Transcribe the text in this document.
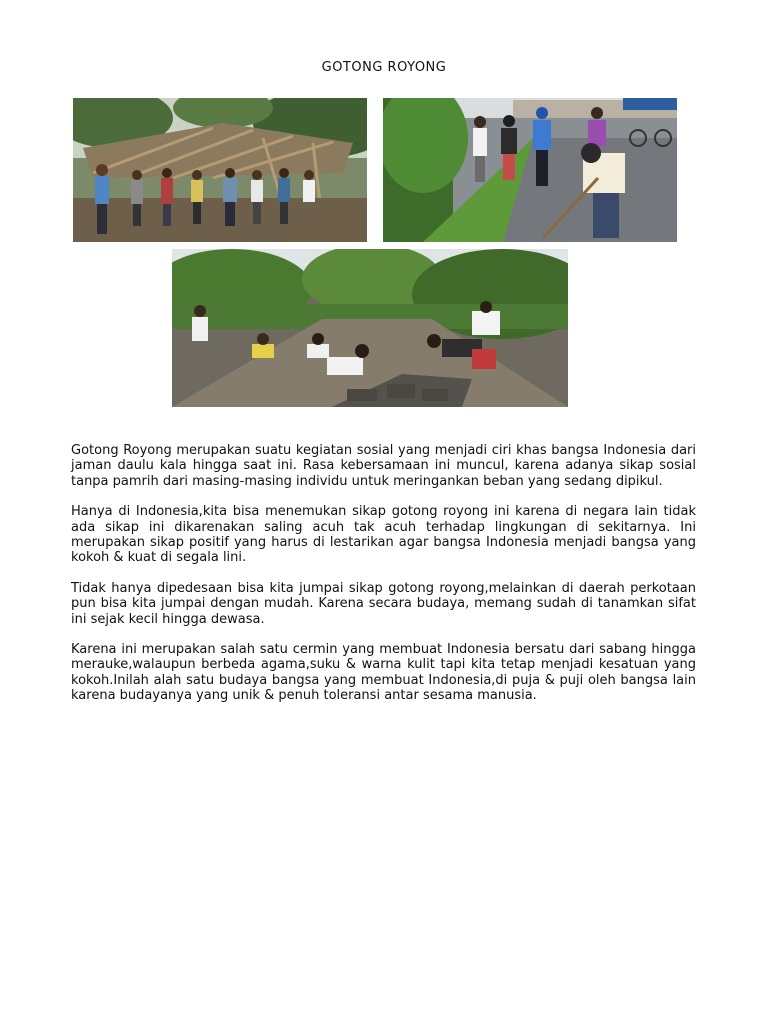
GOTONG ROYONG

Gotong Royong merupakan suatu kegiatan sosial yang menjadi ciri khas bangsa Indonesia dari jaman daulu kala hingga saat ini. Rasa kebersamaan ini muncul, karena adanya sikap sosial tanpa pamrih dari masing-masing individu untuk meringankan beban yang sedang dipikul.

Hanya di Indonesia,kita bisa menemukan sikap gotong royong ini karena di negara lain tidak ada sikap ini dikarenakan saling acuh tak acuh terhadap lingkungan di sekitarnya. Ini merupakan sikap positif yang harus di lestarikan agar bangsa Indonesia menjadi bangsa yang kokoh & kuat di segala lini.

Tidak hanya dipedesaan bisa kita jumpai sikap gotong royong,melainkan di daerah perkotaan pun bisa kita jumpai dengan mudah. Karena secara budaya, memang sudah di tanamkan sifat ini sejak kecil hingga dewasa.

Karena ini merupakan salah satu cermin yang membuat Indonesia bersatu dari sabang hingga merauke,walaupun berbeda agama,suku & warna kulit tapi kita tetap menjadi kesatuan yang kokoh.Inilah alah satu budaya bangsa yang membuat Indonesia,di puja & puji oleh bangsa lain karena budayanya yang unik & penuh toleransi antar sesama manusia.
